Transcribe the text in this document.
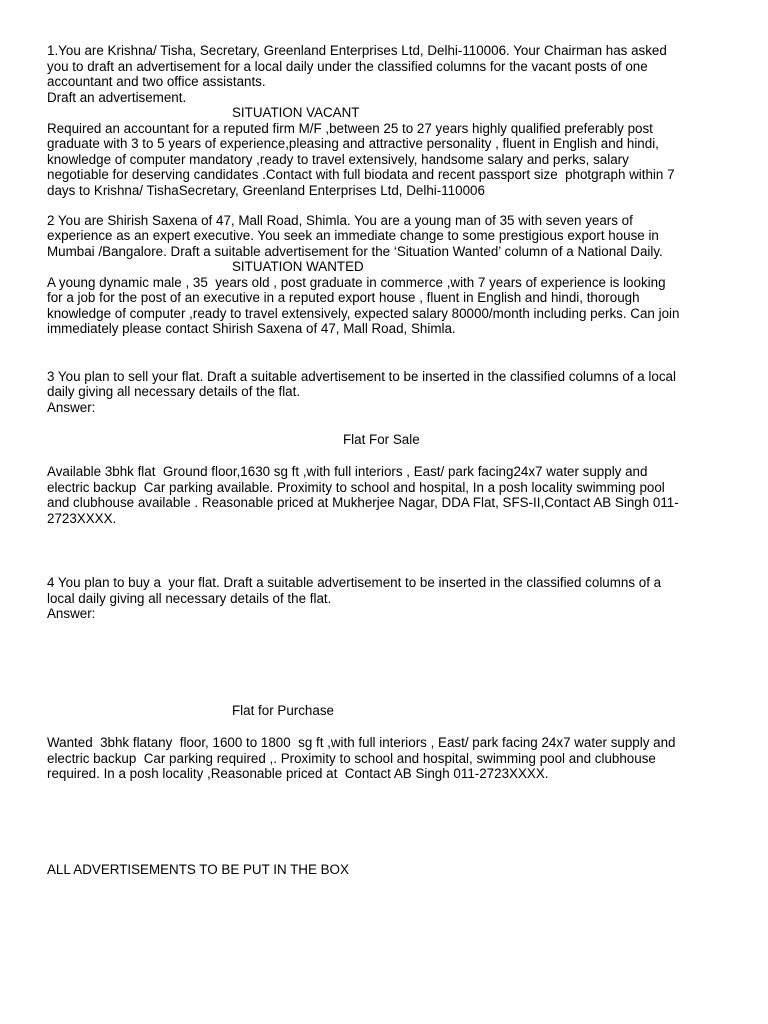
1.You are Krishna/ Tisha, Secretary, Greenland Enterprises Ltd, Delhi-110006. Your Chairman has asked
you to draft an advertisement for a local daily under the classified columns for the vacant posts of one
accountant and two office assistants.
Draft an advertisement.
SITUATION VACANT
Required an accountant for a reputed firm M/F ,between 25 to 27 years highly qualified preferably post
graduate with 3 to 5 years of experience,pleasing and attractive personality , fluent in English and hindi,
knowledge of computer mandatory ,ready to travel extensively, handsome salary and perks, salary
negotiable for deserving candidates .Contact with full biodata and recent passport size  photgraph within 7
days to Krishna/ TishaSecretary, Greenland Enterprises Ltd, Delhi-110006
2 You are Shirish Saxena of 47, Mall Road, Shimla. You are a young man of 35 with seven years of
experience as an expert executive. You seek an immediate change to some prestigious export house in
Mumbai /Bangalore. Draft a suitable advertisement for the ‘Situation Wanted’ column of a National Daily.
SITUATION WANTED
A young dynamic male , 35  years old , post graduate in commerce ,with 7 years of experience is looking
for a job for the post of an executive in a reputed export house , fluent in English and hindi, thorough
knowledge of computer ,ready to travel extensively, expected salary 80000/month including perks. Can join
immediately please contact Shirish Saxena of 47, Mall Road, Shimla.
3 You plan to sell your flat. Draft a suitable advertisement to be inserted in the classified columns of a local
daily giving all necessary details of the flat.
Answer:
Flat For Sale
Available 3bhk flat  Ground floor,1630 sg ft ,with full interiors , East/ park facing24x7 water supply and
electric backup  Car parking available. Proximity to school and hospital, In a posh locality swimming pool
and clubhouse available . Reasonable priced at Mukherjee Nagar, DDA Flat, SFS-II,Contact AB Singh 011-
2723XXXX.
4 You plan to buy a  your flat. Draft a suitable advertisement to be inserted in the classified columns of a
local daily giving all necessary details of the flat.
Answer:
Flat for Purchase
Wanted  3bhk flatany  floor, 1600 to 1800  sg ft ,with full interiors , East/ park facing 24x7 water supply and
electric backup  Car parking required ,. Proximity to school and hospital, swimming pool and clubhouse
required. In a posh locality ,Reasonable priced at  Contact AB Singh 011-2723XXXX.
ALL ADVERTISEMENTS TO BE PUT IN THE BOX
